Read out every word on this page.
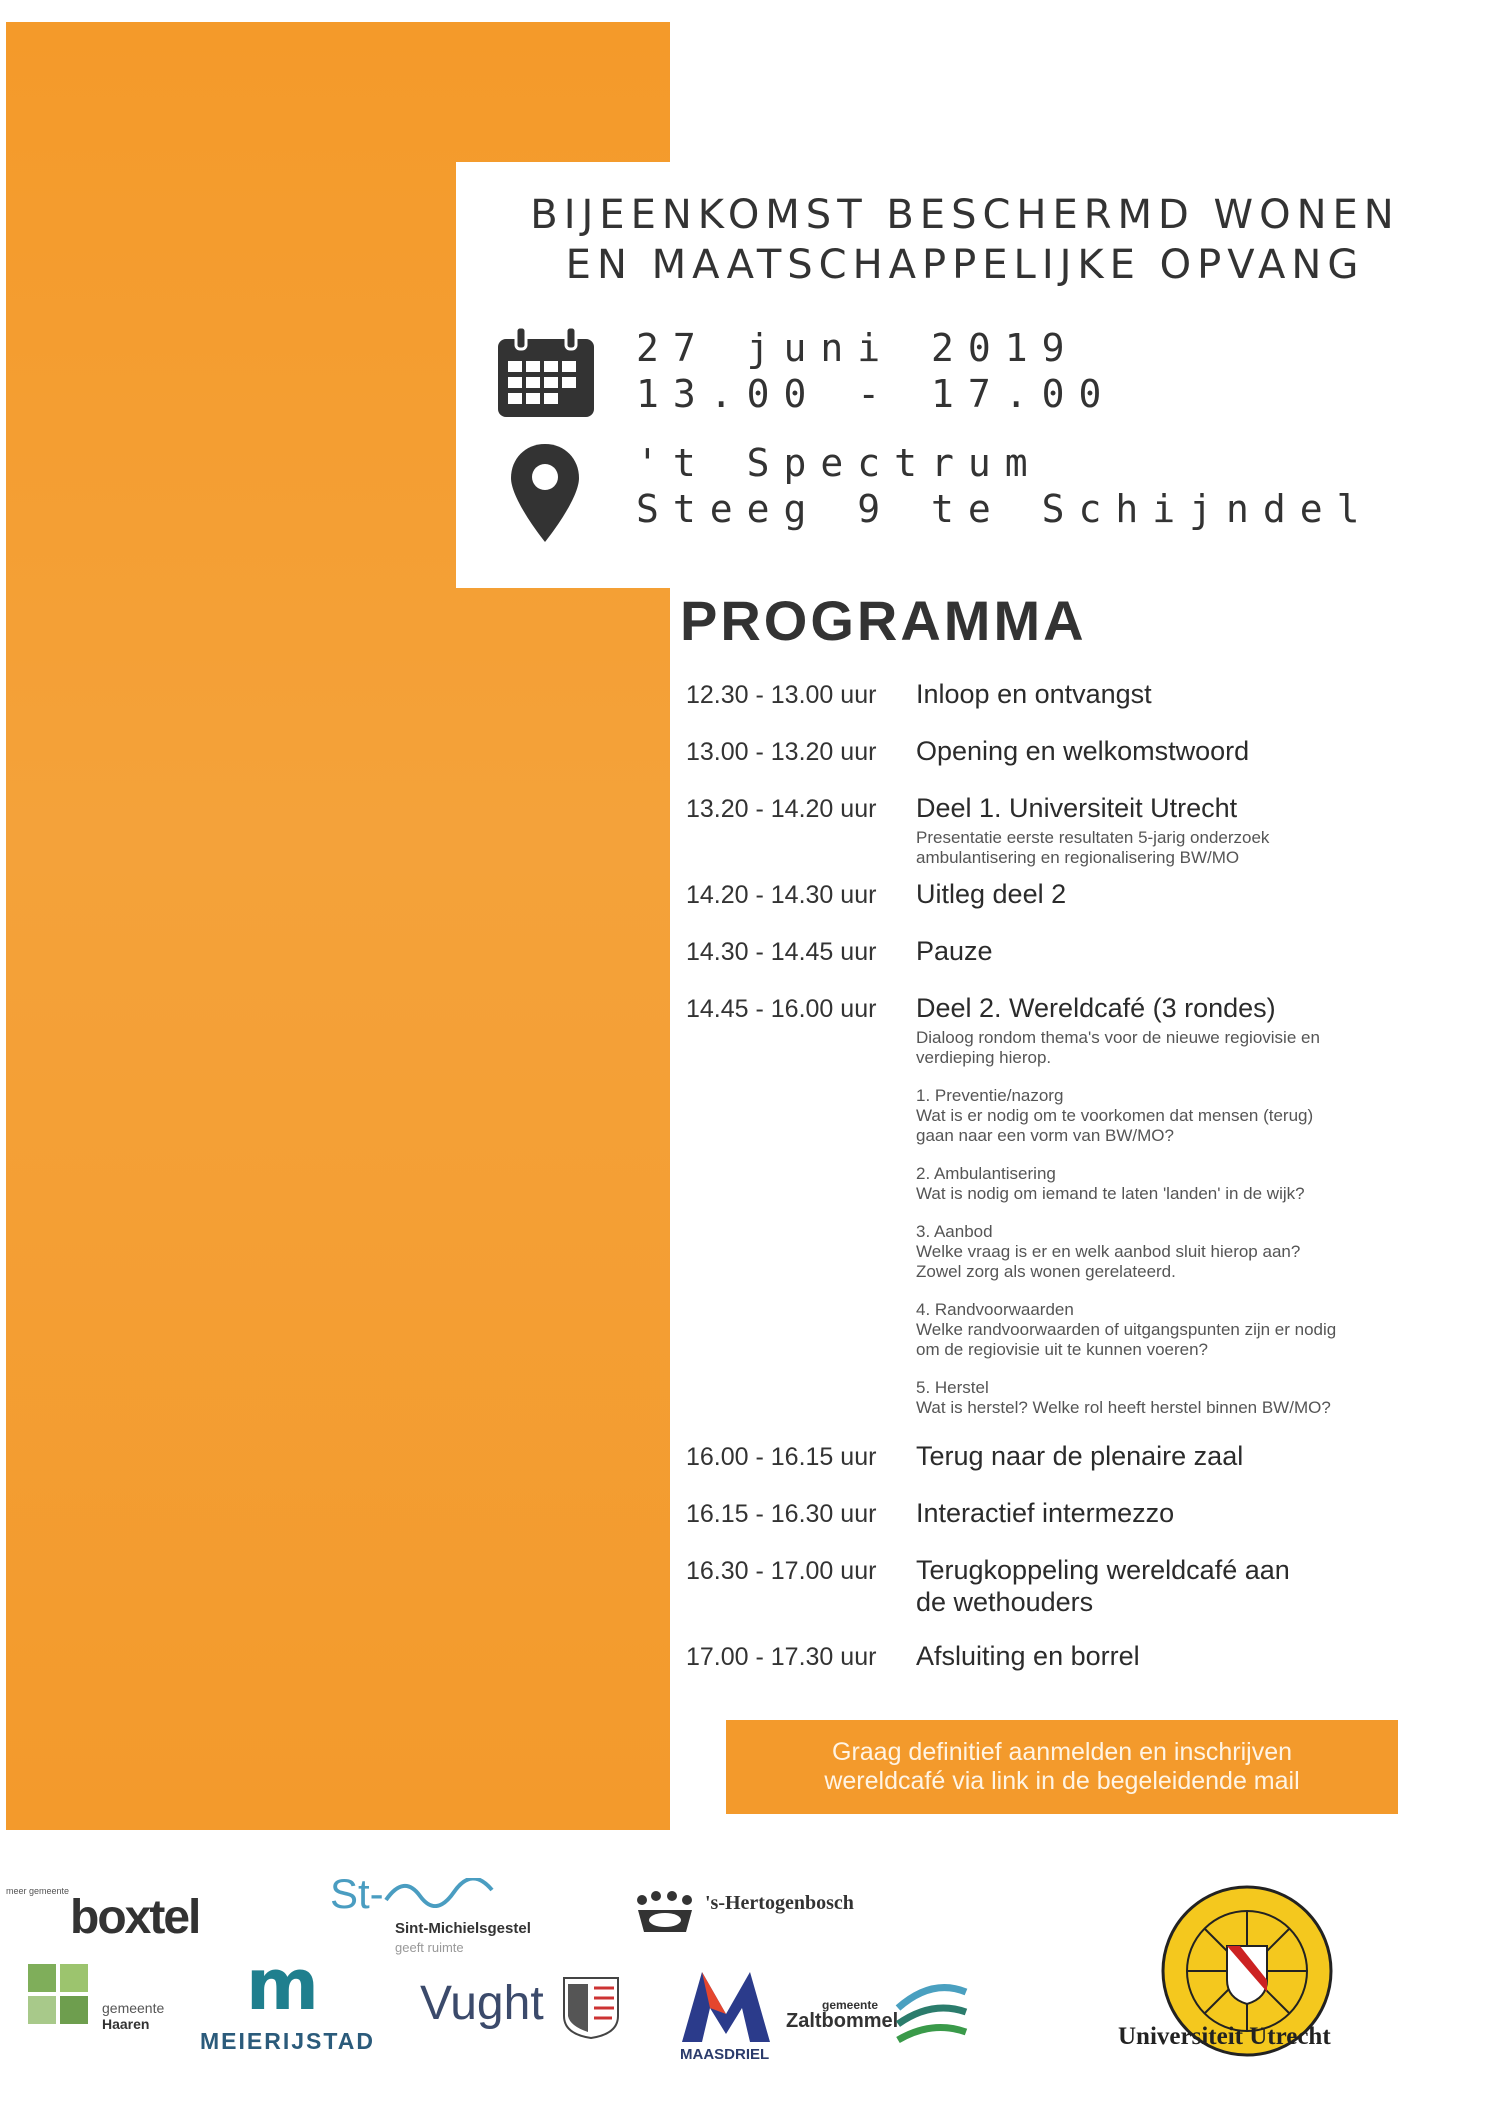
BIJEENKOMST BESCHERMD WONEN
EN MAATSCHAPPELIJKE OPVANG
27 juni 2019
13.00 - 17.00
't Spectrum
Steeg 9 te Schijndel
PROGRAMMA
12.30 - 13.00 uur	Inloop en ontvangst
13.00 - 13.20 uur	Opening en welkomstwoord
13.20 - 14.20 uur	Deel 1. Universiteit Utrecht
Presentatie eerste resultaten 5-jarig onderzoek
ambulantisering en regionalisering BW/MO
14.20 - 14.30 uur	Uitleg deel 2
14.30 - 14.45 uur	Pauze
14.45 - 16.00 uur	Deel 2. Wereldcafé (3 rondes)
Dialoog rondom thema's voor de nieuwe regiovisie en
verdieping hierop.
1. Preventie/nazorg
Wat is er nodig om te voorkomen dat mensen (terug)
gaan naar een vorm van BW/MO?
2. Ambulantisering
Wat is nodig om iemand te laten 'landen' in de wijk?
3. Aanbod
Welke vraag is er en welk aanbod sluit hierop aan?
Zowel zorg als wonen gerelateerd.
4. Randvoorwaarden
Welke randvoorwaarden of uitgangspunten zijn er nodig
om de regiovisie uit te kunnen voeren?
5. Herstel
Wat is herstel? Welke rol heeft herstel binnen BW/MO?
16.00 - 16.15 uur	Terug naar de plenaire zaal
16.15 - 16.30 uur	Interactief intermezzo
16.30 - 17.00 uur	Terugkoppeling wereldcafé aan
de wethouders
17.00 - 17.30 uur	Afsluiting en borrel
Graag definitief aanmelden en inschrijven
wereldcafé via link in de begeleidende mail
meer gemeente boxtel	St-
Sint-Michielsgestel
geeft ruimte
's-Hertogenbosch
gemeente
Haaren m
MEIERIJSTAD
Vught
MAASDRIEL
gemeente
Zaltbommel
Universiteit Utrecht
